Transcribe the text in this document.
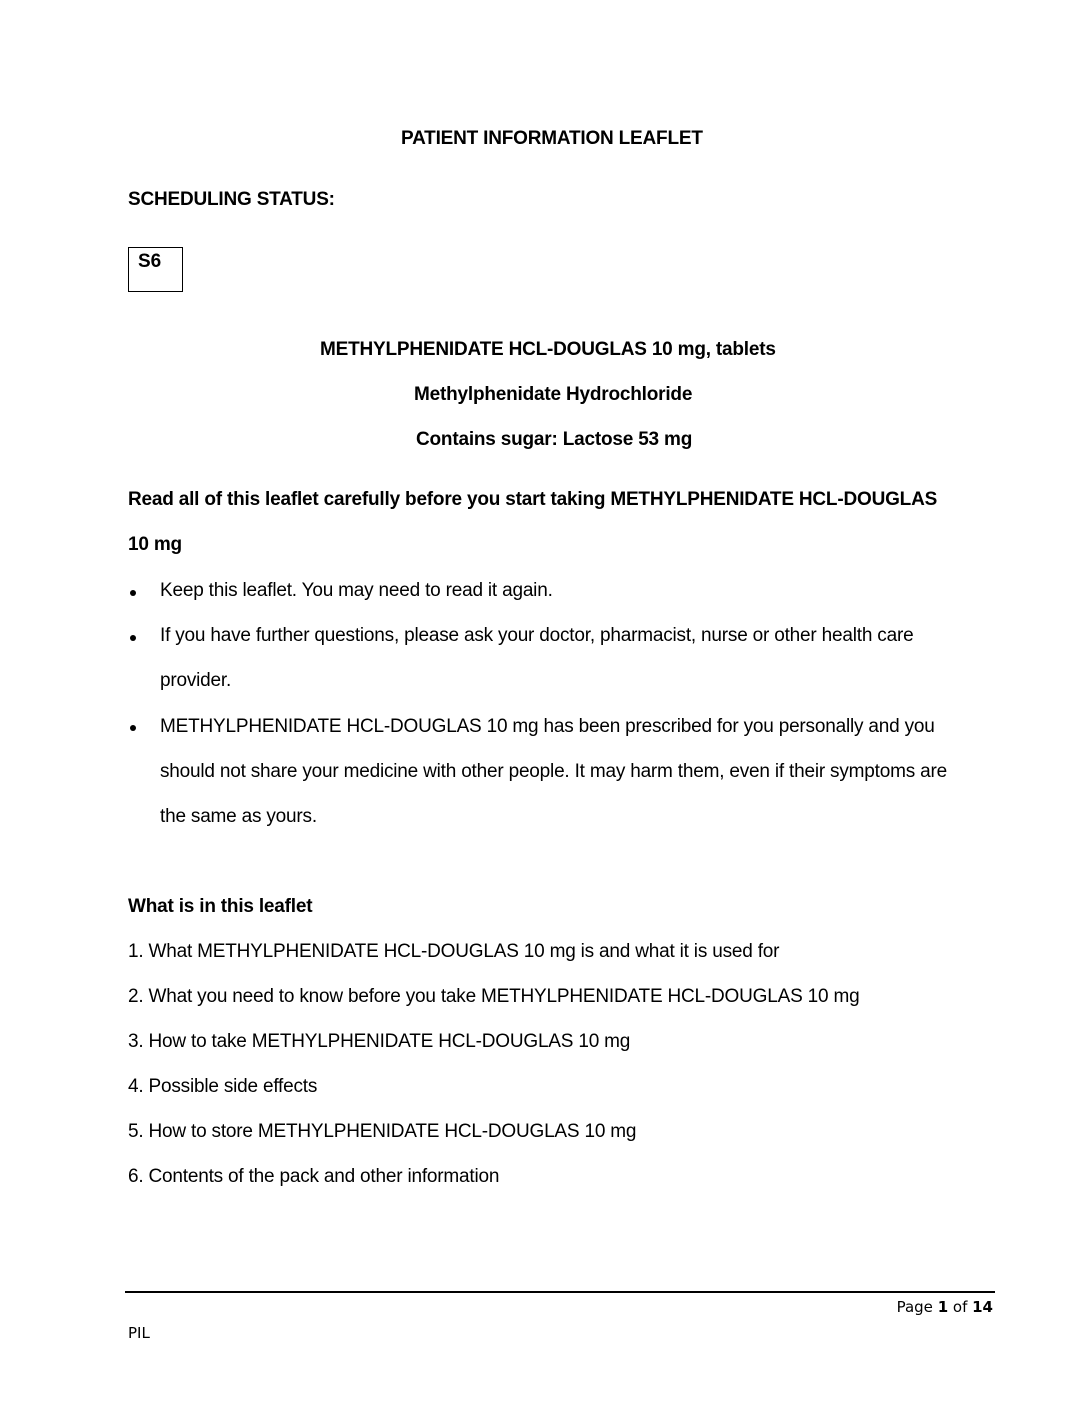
PATIENT INFORMATION LEAFLET
SCHEDULING STATUS:
S6
METHYLPHENIDATE HCL-DOUGLAS 10 mg, tablets
Methylphenidate Hydrochloride
Contains sugar: Lactose 53 mg
Read all of this leaflet carefully before you start taking METHYLPHENIDATE HCL-DOUGLAS
10 mg
Keep this leaflet. You may need to read it again.
If you have further questions, please ask your doctor, pharmacist, nurse or other health care
provider.
METHYLPHENIDATE HCL-DOUGLAS 10 mg has been prescribed for you personally and you
should not share your medicine with other people. It may harm them, even if their symptoms are
the same as yours.
What is in this leaflet
1. What METHYLPHENIDATE HCL-DOUGLAS 10 mg is and what it is used for
2. What you need to know before you take METHYLPHENIDATE HCL-DOUGLAS 10 mg
3. How to take METHYLPHENIDATE HCL-DOUGLAS 10 mg
4. Possible side effects
5. How to store METHYLPHENIDATE HCL-DOUGLAS 10 mg
6. Contents of the pack and other information
Page 1 of 14
PIL
